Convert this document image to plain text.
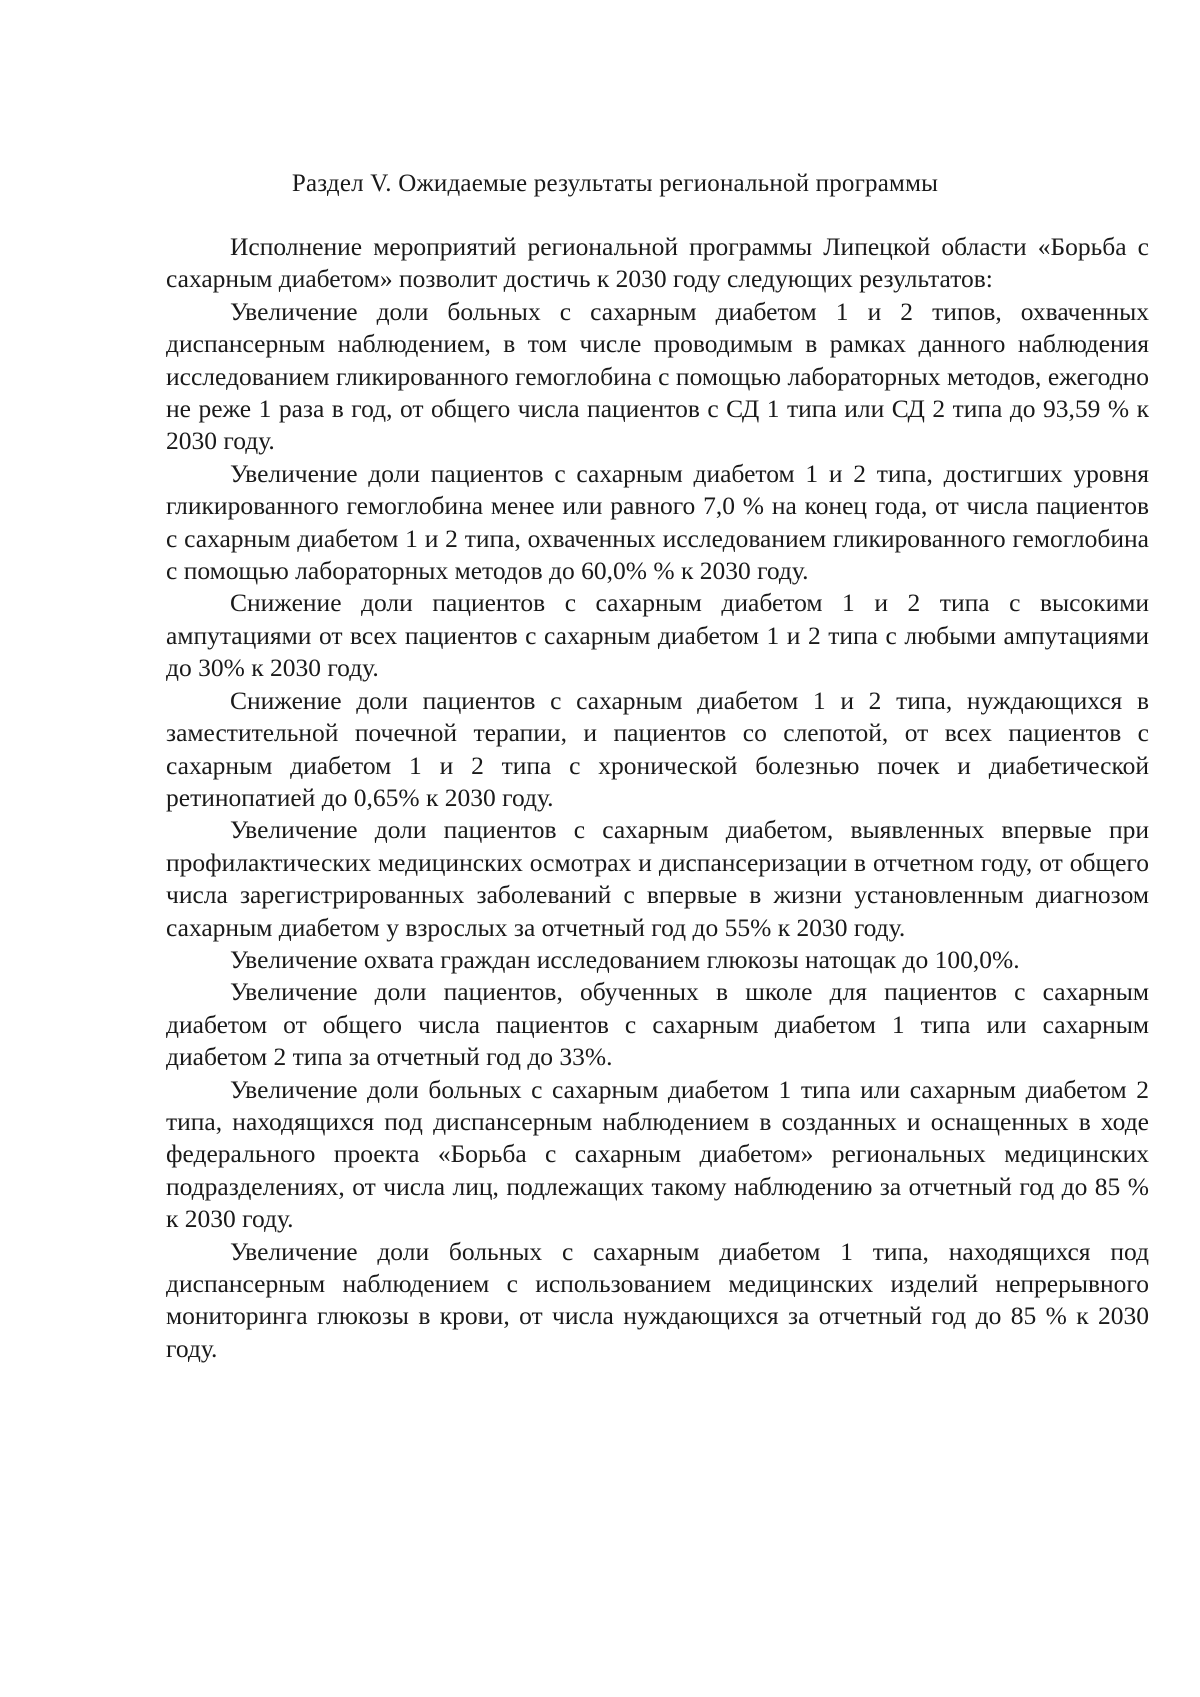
Раздел V. Ожидаемые результаты региональной программы

Исполнение мероприятий региональной программы Липецкой области «Борьба с сахарным диабетом» позволит достичь к 2030 году следующих результатов:

Увеличение доли больных с сахарным диабетом 1 и 2 типов, охваченных диспансерным наблюдением, в том числе проводимым в рамках данного наблюдения исследованием гликированного гемоглобина с помощью лабораторных методов, ежегодно не реже 1 раза в год, от общего числа пациентов с СД 1 типа или СД 2 типа до 93,59 % к 2030 году.

Увеличение доли пациентов с сахарным диабетом 1 и 2 типа, достигших уровня гликированного гемоглобина менее или равного 7,0 % на конец года, от числа пациентов с сахарным диабетом 1 и 2 типа, охваченных исследованием гликированного гемоглобина с помощью лабораторных методов до 60,0% % к 2030 году.

Снижение доли пациентов с сахарным диабетом 1 и 2 типа с высокими ампутациями от всех пациентов с сахарным диабетом 1 и 2 типа с любыми ампутациями до 30% к 2030 году.

Снижение доли пациентов с сахарным диабетом 1 и 2 типа, нуждающихся в заместительной почечной терапии, и пациентов со слепотой, от всех пациентов с сахарным диабетом 1 и 2 типа с хронической болезнью почек и диабетической ретинопатией до 0,65% к 2030 году.

Увеличение доли пациентов с сахарным диабетом, выявленных впервые при профилактических медицинских осмотрах и диспансеризации в отчетном году, от общего числа зарегистрированных заболеваний с впервые в жизни установленным диагнозом сахарным диабетом у взрослых за отчетный год до 55% к 2030 году.

Увеличение охвата граждан исследованием глюкозы натощак до 100,0%.

Увеличение доли пациентов, обученных в школе для пациентов с сахарным диабетом от общего числа пациентов с сахарным диабетом 1 типа или сахарным диабетом 2 типа за отчетный год до 33%.

Увеличение доли больных с сахарным диабетом 1 типа или сахарным диабетом 2 типа, находящихся под диспансерным наблюдением в созданных и оснащенных в ходе федерального проекта «Борьба с сахарным диабетом» региональных медицинских подразделениях, от числа лиц, подлежащих такому наблюдению за отчетный год до 85 % к 2030 году.

Увеличение доли больных с сахарным диабетом 1 типа, находящихся под диспансерным наблюдением с использованием медицинских изделий непрерывного мониторинга глюкозы в крови, от числа нуждающихся за отчетный год до 85 % к 2030 году.
